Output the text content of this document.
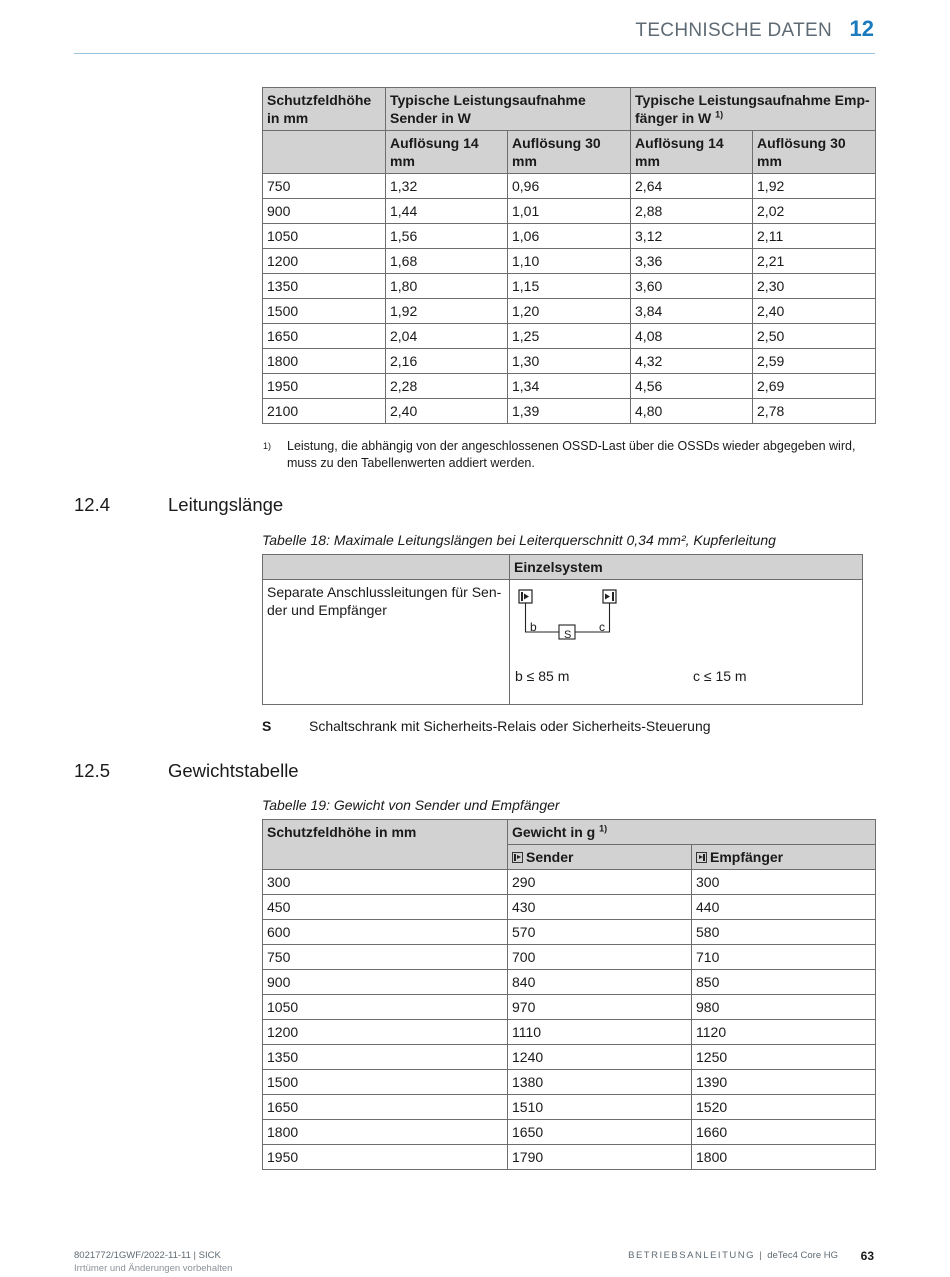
TECHNISCHE DATEN 12
Schutzfeldhöhe in mm	Typische Leistungsaufnahme Sender in W		Typische Leistungsaufnahme Emp-fänger in W $^{1)}$
	Auflösung 14 mm	Auflösung 30 mm	Auflösung 14 mm	Auflösung 30 mm
750	1,32	0,96	2,64	1,92
900	1,44	1,01	2,88	2,02
1050	1,56	1,06	3,12	2,11
1200	1,68	1,10	3,36	2,21
1350	1,80	1,15	3,60	2,30
1500	1,92	1,20	3,84	2,40
1650	2,04	1,25	4,08	2,50
1800	2,16	1,30	4,32	2,59
1950	2,28	1,34	4,56	2,69
2100	2,40	1,39	4,80	2,78
1) Leistung, die abhängig von der angeschlossenen OSSD-Last über die OSSDs wieder abgegeben wird, muss zu den Tabellenwerten addiert werden.
12.4	Leitungslänge
Tabelle 18: Maximale Leitungslängen bei Leiterquerschnitt 0,34 mm², Kupferleitung
	Einzelsystem
Separate Anschlussleitungen für Sen-der und Empfänger	b c
S
b ≤ 85 m c ≤ 15 m
S	Schaltschrank mit Sicherheits-Relais oder Sicherheits-Steuerung
12.5	Gewichtstabelle
Tabelle 19: Gewicht von Sender und Empfänger
Schutzfeldhöhe in mm	Gewicht in g $^{1)}$
	Sender	Empfänger
300	290	300
450	430	440
600	570	580
750	700	710
900	840	850
1050	970	980
1200	1110	1120
1350	1240	1250
1500	1380	1390
1650	1510	1520
1800	1650	1660
1950	1790	1800
8021772/1GWF/2022-11-11 | SICK
Irrtümer und Änderungen vorbehalten
BETRIEBSANLEITUNG | deTec4 Core HG 63
